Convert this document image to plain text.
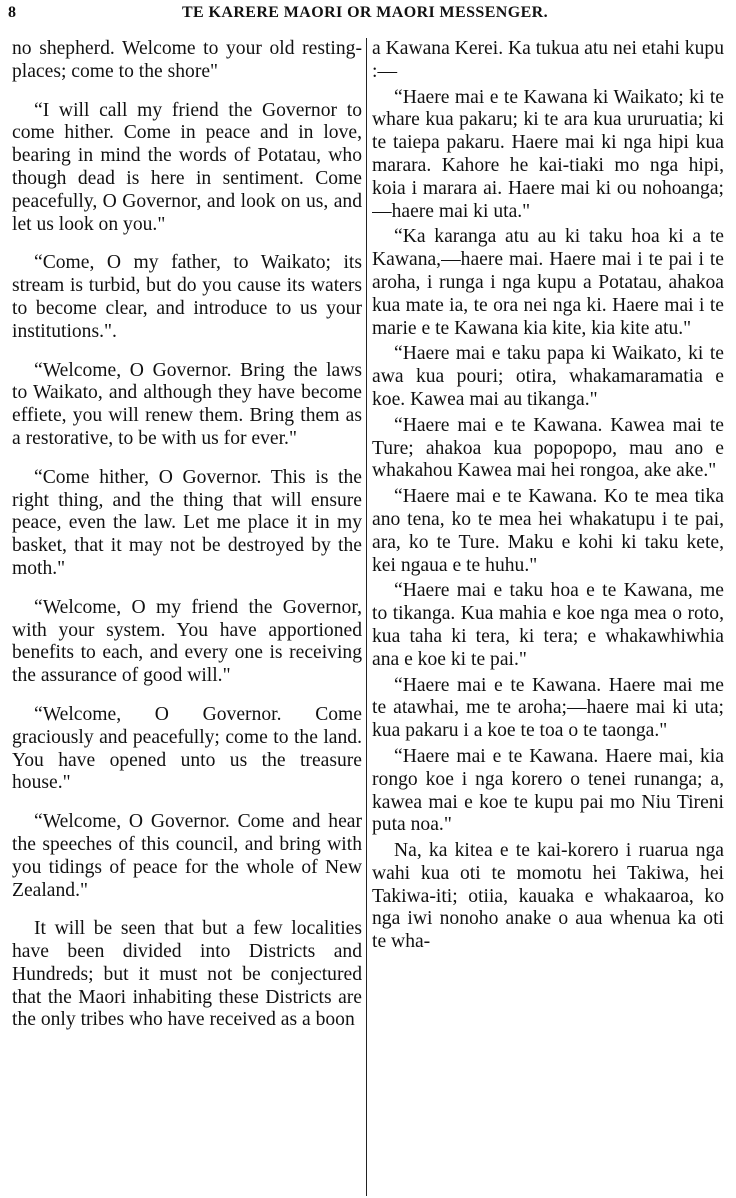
8	TE KARERE MAORI OR MAORI MESSENGER.

no shepherd. Welcome to your old resting-places; come to the shore"

“I will call my friend the Governor to come hither. Come in peace and in love, bearing in mind the words of Potatau, who though dead is here in sentiment. Come peacefully, O Governor, and look on us, and let us look on you."

“Come, O my father, to Waikato; its stream is turbid, but do you cause its waters to become clear, and introduce to us your institutions.".

“Welcome, O Governor. Bring the laws to Waikato, and although they have become effiete, you will renew them. Bring them as a restorative, to be with us for ever."

“Come hither, O Governor. This is the right thing, and the thing that will ensure peace, even the law. Let me place it in my basket, that it may not be destroyed by the moth."

“Welcome, O my friend the Governor, with your system. You have apportioned benefits to each, and every one is receiving the assurance of good will."

“Welcome, O Governor. Come graciously and peacefully; come to the land. You have opened unto us the treasure house."

“Welcome, O Governor. Come and hear the speeches of this council, and bring with you tidings of peace for the whole of New Zealand."

It will be seen that but a few localities have been divided into Districts and Hundreds; but it must not be conjectured that the Maori inhabiting these Districts are the only tribes who have received as a boon

a Kawana Kerei. Ka tukua atu nei etahi kupu :—

“Haere mai e te Kawana ki Waikato; ki te whare kua pakaru; ki te ara kua ururuatia; ki te taiepa pakaru. Haere mai ki nga hipi kua marara. Kahore he kai-tiaki mo nga hipi, koia i marara ai. Haere mai ki ou nohoanga;—haere mai ki uta."

“Ka karanga atu au ki taku hoa ki a te Kawana,—haere mai. Haere mai i te pai i te aroha, i runga i nga kupu a Potatau, ahakoa kua mate ia, te ora nei nga ki. Haere mai i te marie e te Kawana kia kite, kia kite atu."

“Haere mai e taku papa ki Waikato, ki te awa kua pouri; otira, whakamaramatia e koe. Kawea mai au tikanga."

“Haere mai e te Kawana. Kawea mai te Ture; ahakoa kua popopopo, mau ano e whakahou Kawea mai hei rongoa, ake ake."

“Haere mai e te Kawana. Ko te mea tika ano tena, ko te mea hei whakatupu i te pai, ara, ko te Ture. Maku e kohi ki taku kete, kei ngaua e te huhu."

“Haere mai e taku hoa e te Kawana, me to tikanga. Kua mahia e koe nga mea o roto, kua taha ki tera, ki tera; e whakawhiwhia ana e koe ki te pai."

“Haere mai e te Kawana. Haere mai me te atawhai, me te aroha;—haere mai ki uta; kua pakaru i a koe te toa o te taonga."

“Haere mai e te Kawana. Haere mai, kia rongo koe i nga korero o tenei runanga; a, kawea mai e koe te kupu pai mo Niu Tireni puta noa."

Na, ka kitea e te kai-korero i ruarua nga wahi kua oti te momotu hei Takiwa, hei Takiwa-iti; otiia, kauaka e whakaaroa, ko nga iwi nonoho anake o aua whenua ka oti te wha-
